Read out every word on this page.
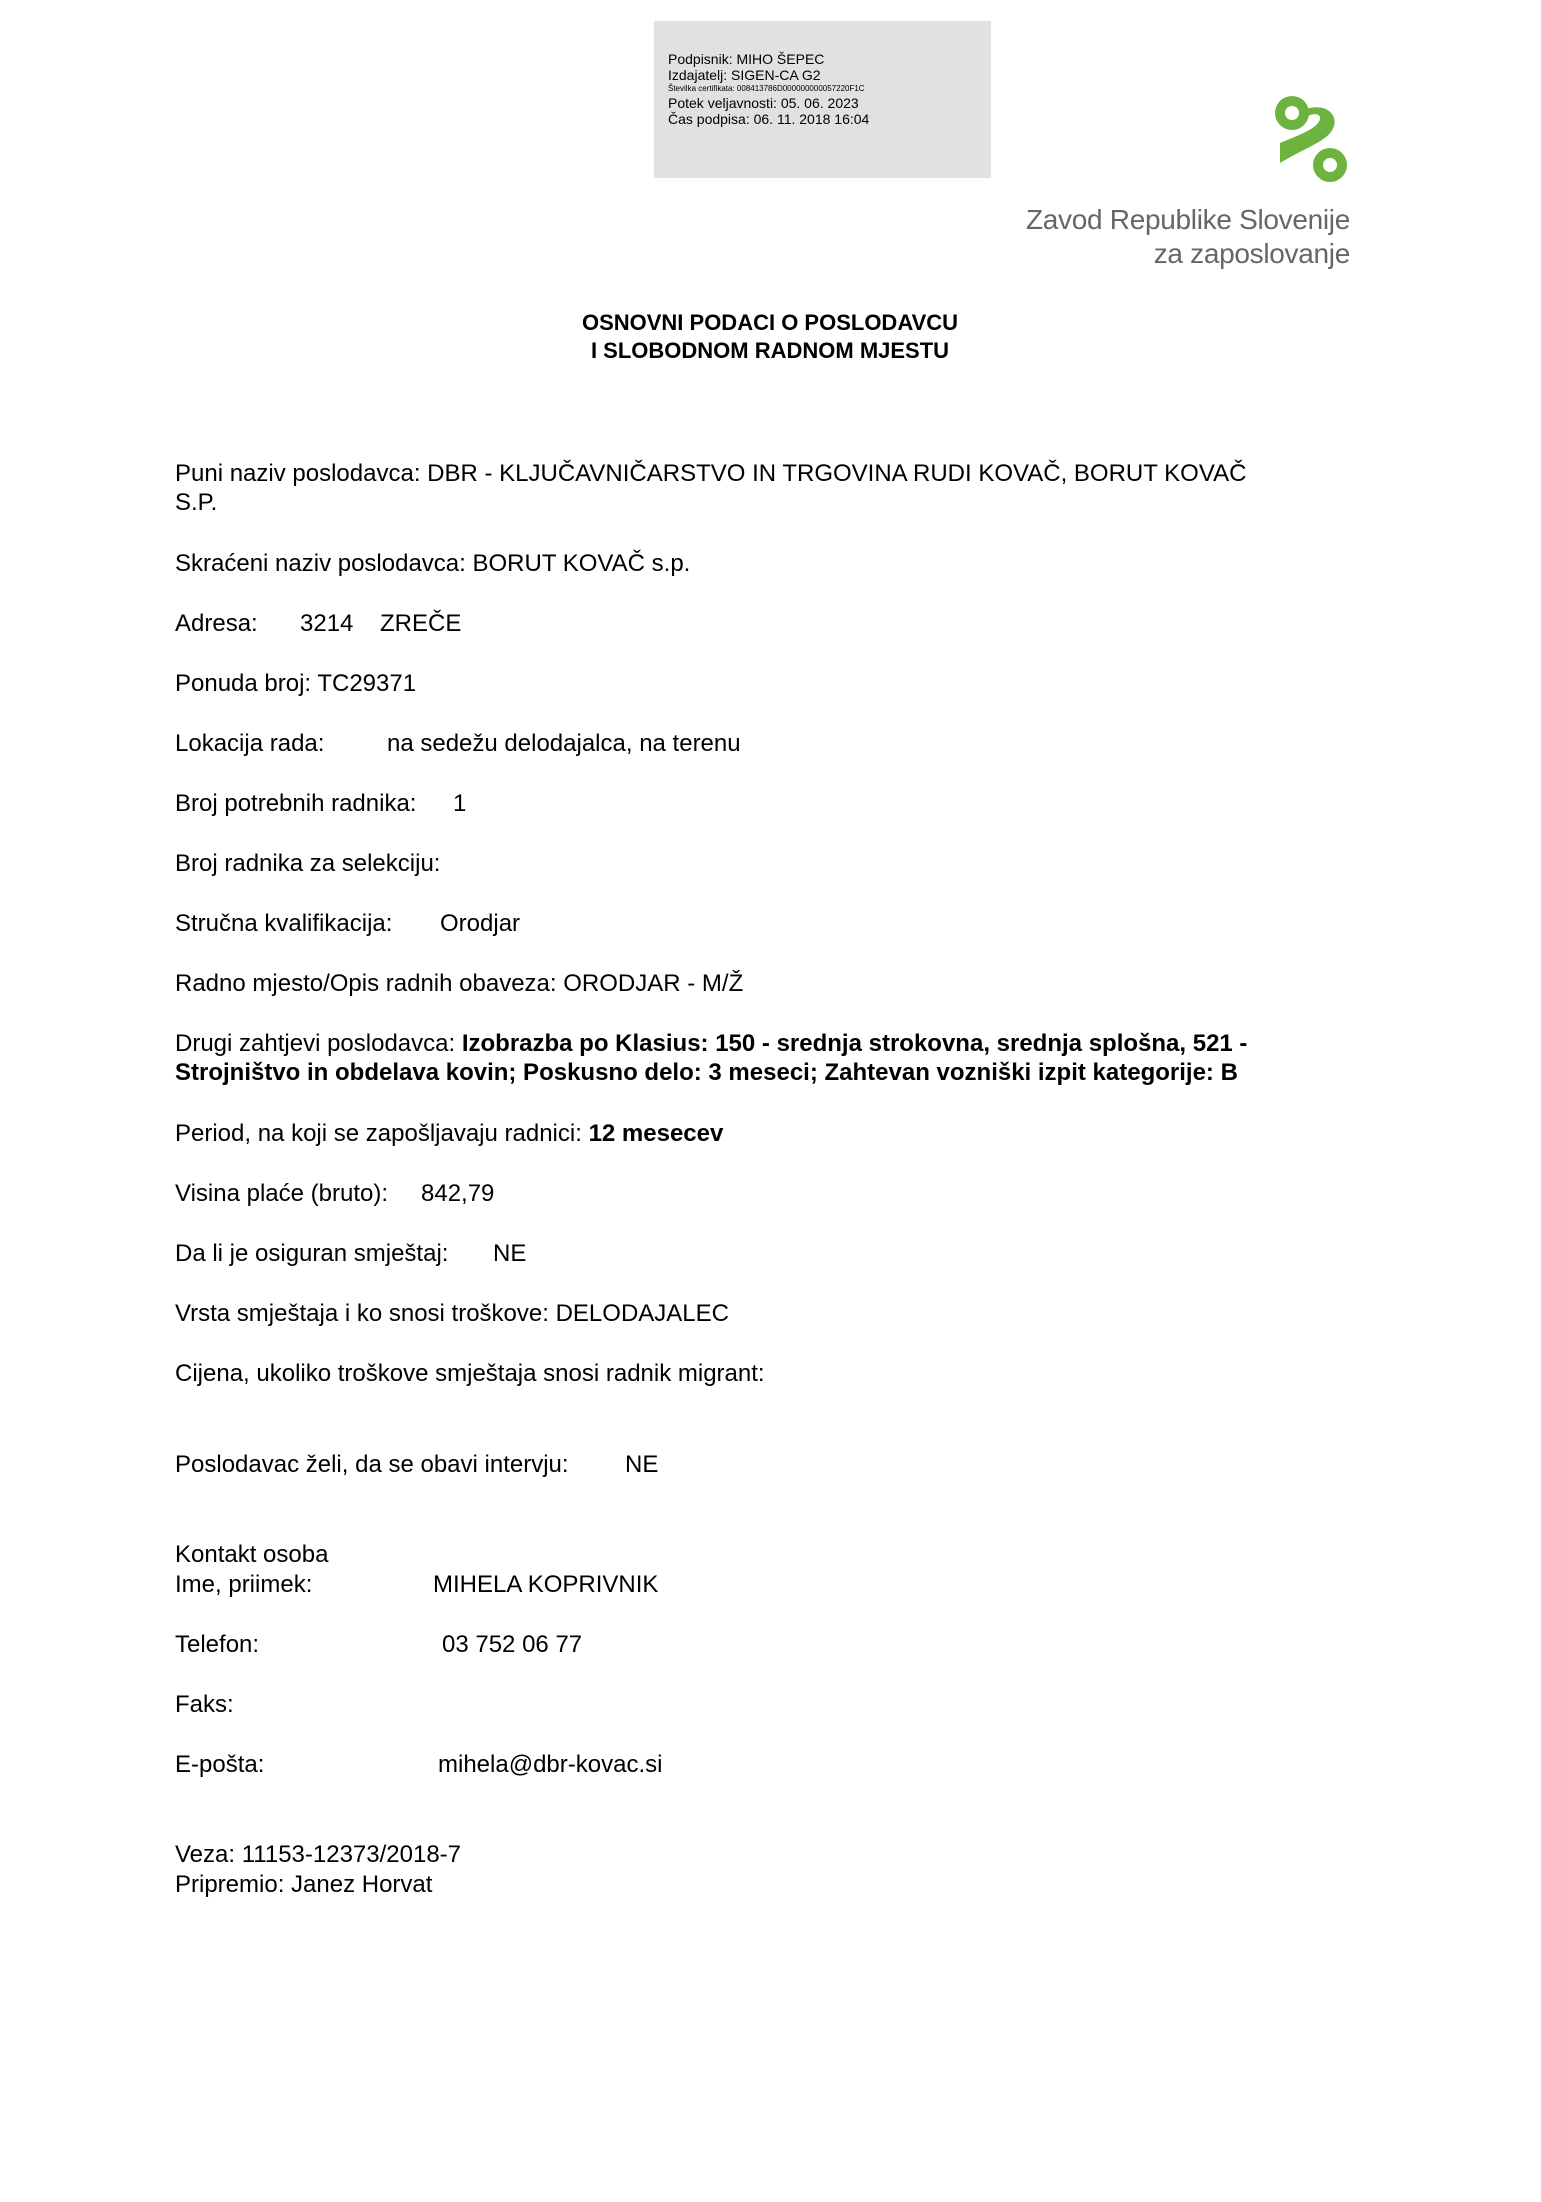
Podpisnik: MIHO ŠEPEC
Izdajatelj: SIGEN-CA G2
Številka certifikata: 008413786D000000000057220F1C
Potek veljavnosti: 05. 06. 2023
Čas podpisa: 06. 11. 2018 16:04
Zavod Republike Slovenije
za zaposlovanje
OSNOVNI PODACI O POSLODAVCU
I SLOBODNOM RADNOM MJESTU
Puni naziv poslodavca: DBR - KLJUČAVNIČARSTVO IN TRGOVINA RUDI KOVAČ, BORUT KOVAČ
S.P.
Skraćeni naziv poslodavca: BORUT KOVAČ s.p.
Adresa: 3214 ZREČE
Ponuda broj: TC29371
Lokacija rada:	na sedežu delodajalca, na terenu
Broj potrebnih radnika: 1
Broj radnika za selekciju:
Stručna kvalifikacija: Orodjar
Radno mjesto/Opis radnih obaveza: ORODJAR - M/Ž
Drugi zahtjevi poslodavca: Izobrazba po Klasius: 150 - srednja strokovna, srednja splošna, 521 -
Strojništvo in obdelava kovin; Poskusno delo: 3 meseci; Zahtevan vozniški izpit kategorije: B
Period, na koji se zapošljavaju radnici: 12 mesecev
Visina plaće (bruto): 842,79
Da li je osiguran smještaj: NE
Vrsta smještaja i ko snosi troškove: DELODAJALEC
Cijena, ukoliko troškove smještaja snosi radnik migrant:
Poslodavac želi, da se obavi intervju: NE
Kontakt osoba
Ime, priimek:	MIHELA KOPRIVNIK
Telefon:	03 752 06 77
Faks:
E-pošta:	mihela@dbr-kovac.si
Veza: 11153-12373/2018-7
Pripremio: Janez Horvat
